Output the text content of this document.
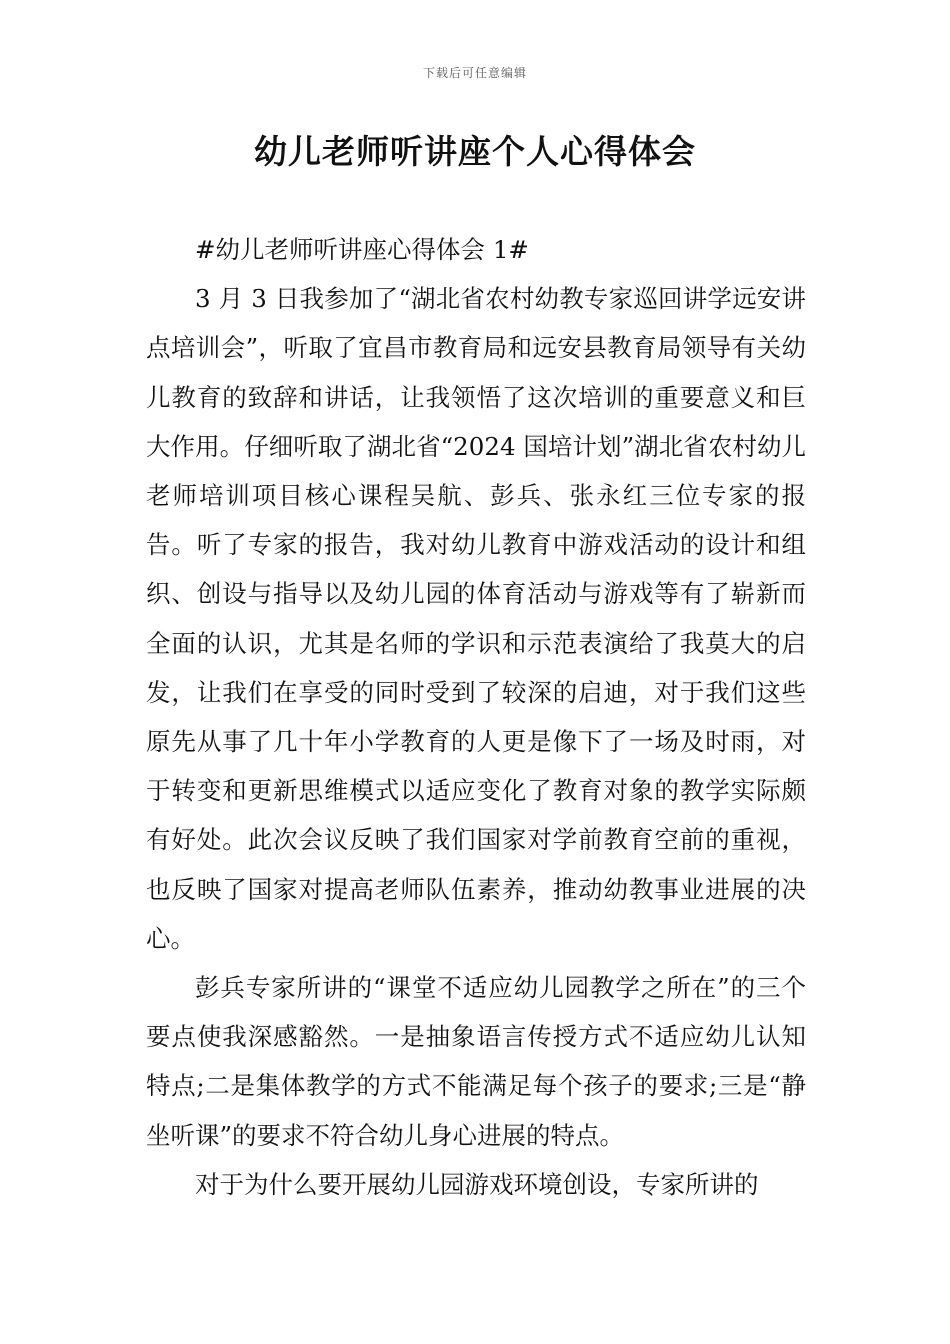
下载后可任意编辑
幼儿老师听讲座个人心得体会

#幼儿老师听讲座心得体会 1#

3 月 3 日我参加了“湖北省农村幼教专家巡回讲学远安讲点培训会”，听取了宜昌市教育局和远安县教育局领导有关幼儿教育的致辞和讲话，让我领悟了这次培训的重要意义和巨大作用。仔细听取了湖北省“2024 国培计划”湖北省农村幼儿老师培训项目核心课程吴航、彭兵、张永红三位专家的报告。听了专家的报告，我对幼儿教育中游戏活动的设计和组织、创设与指导以及幼儿园的体育活动与游戏等有了崭新而全面的认识，尤其是名师的学识和示范表演给了我莫大的启发，让我们在享受的同时受到了较深的启迪，对于我们这些原先从事了几十年小学教育的人更是像下了一场及时雨，对于转变和更新思维模式以适应变化了教育对象的教学实际颇有好处。此次会议反映了我们国家对学前教育空前的重视，也反映了国家对提高老师队伍素养，推动幼教事业进展的决心。

彭兵专家所讲的“课堂不适应幼儿园教学之所在”的三个要点使我深感豁然。一是抽象语言传授方式不适应幼儿认知特点;二是集体教学的方式不能满足每个孩子的要求;三是“静坐听课”的要求不符合幼儿身心进展的特点。

对于为什么要开展幼儿园游戏环境创设，专家所讲的
